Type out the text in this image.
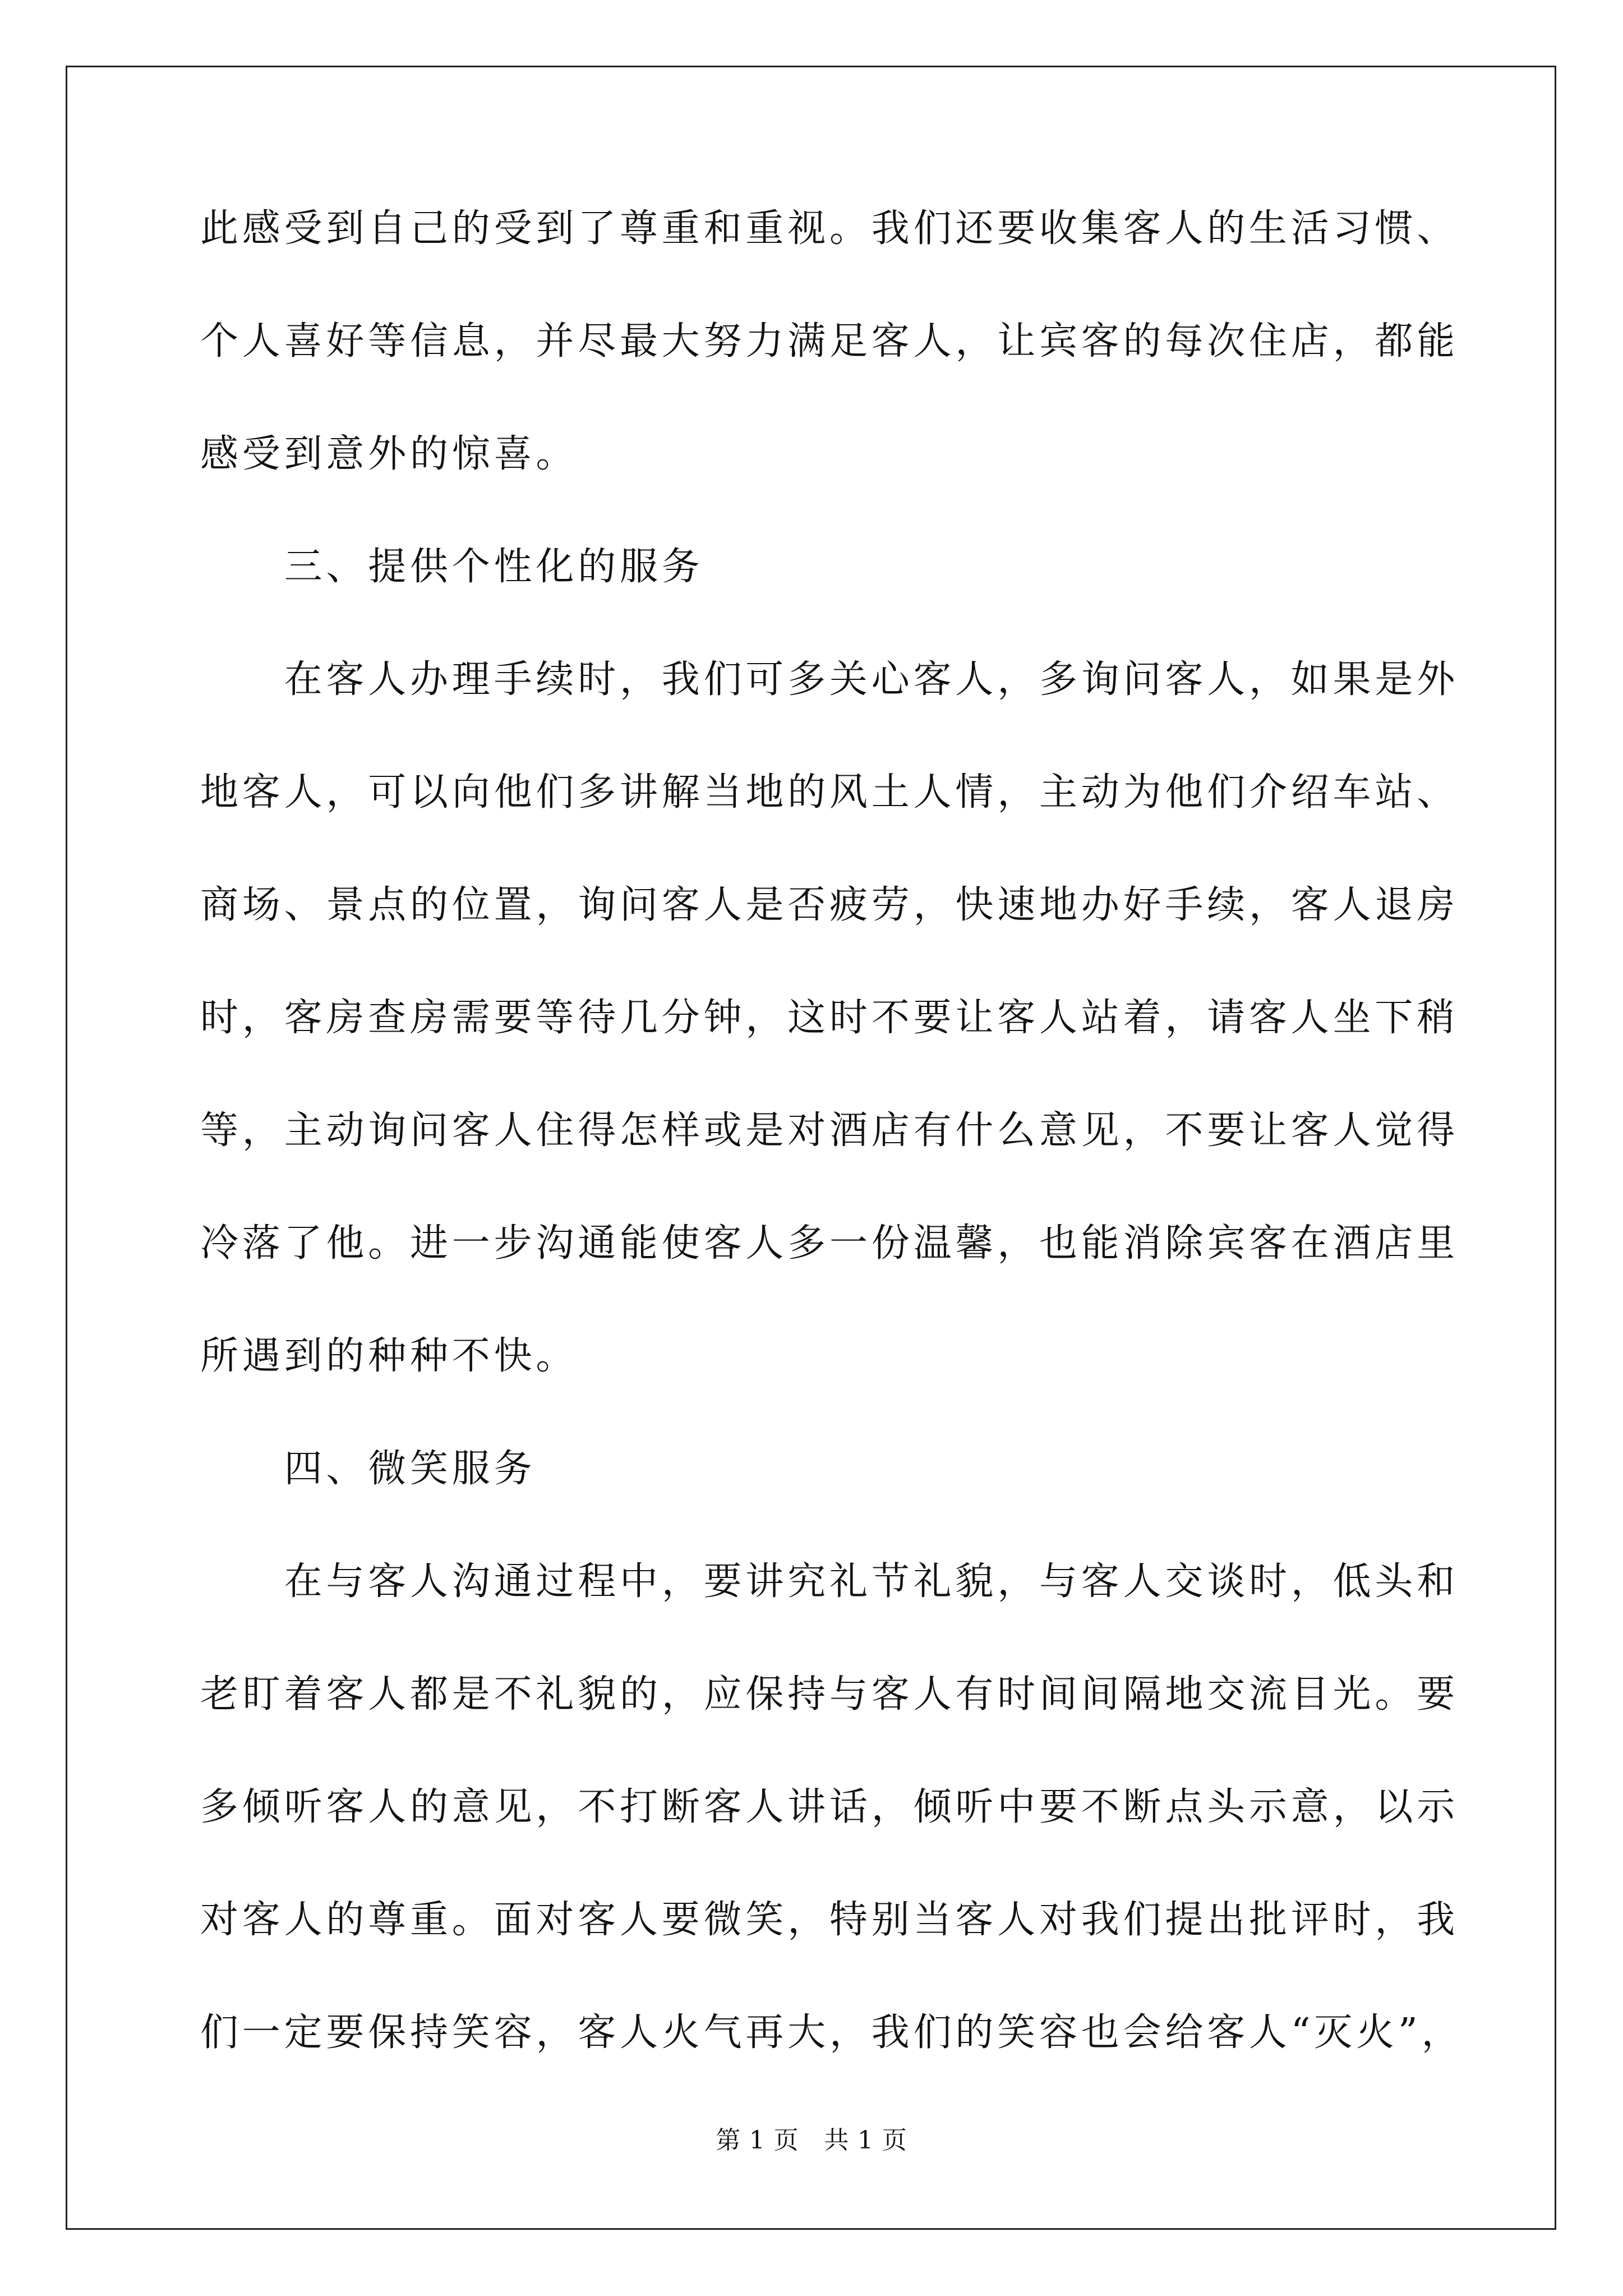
此感受到自己的受到了尊重和重视。我们还要收集客人的生活习惯、
个人喜好等信息，并尽最大努力满足客人，让宾客的每次住店，都能
感受到意外的惊喜。
　　三、提供个性化的服务
　　在客人办理手续时，我们可多关心客人，多询问客人，如果是外
地客人，可以向他们多讲解当地的风土人情，主动为他们介绍车站、
商场、景点的位置，询问客人是否疲劳，快速地办好手续，客人退房
时，客房查房需要等待几分钟，这时不要让客人站着，请客人坐下稍
等，主动询问客人住得怎样或是对酒店有什么意见，不要让客人觉得
冷落了他。进一步沟通能使客人多一份温馨，也能消除宾客在酒店里
所遇到的种种不快。
　　四、微笑服务
　　在与客人沟通过程中，要讲究礼节礼貌，与客人交谈时，低头和
老盯着客人都是不礼貌的，应保持与客人有时间间隔地交流目光。要
多倾听客人的意见，不打断客人讲话，倾听中要不断点头示意，以示
对客人的尊重。面对客人要微笑，特别当客人对我们提出批评时，我
们一定要保持笑容，客人火气再大，我们的笑容也会给客人“灭火”，
第 1 页　共 1 页
